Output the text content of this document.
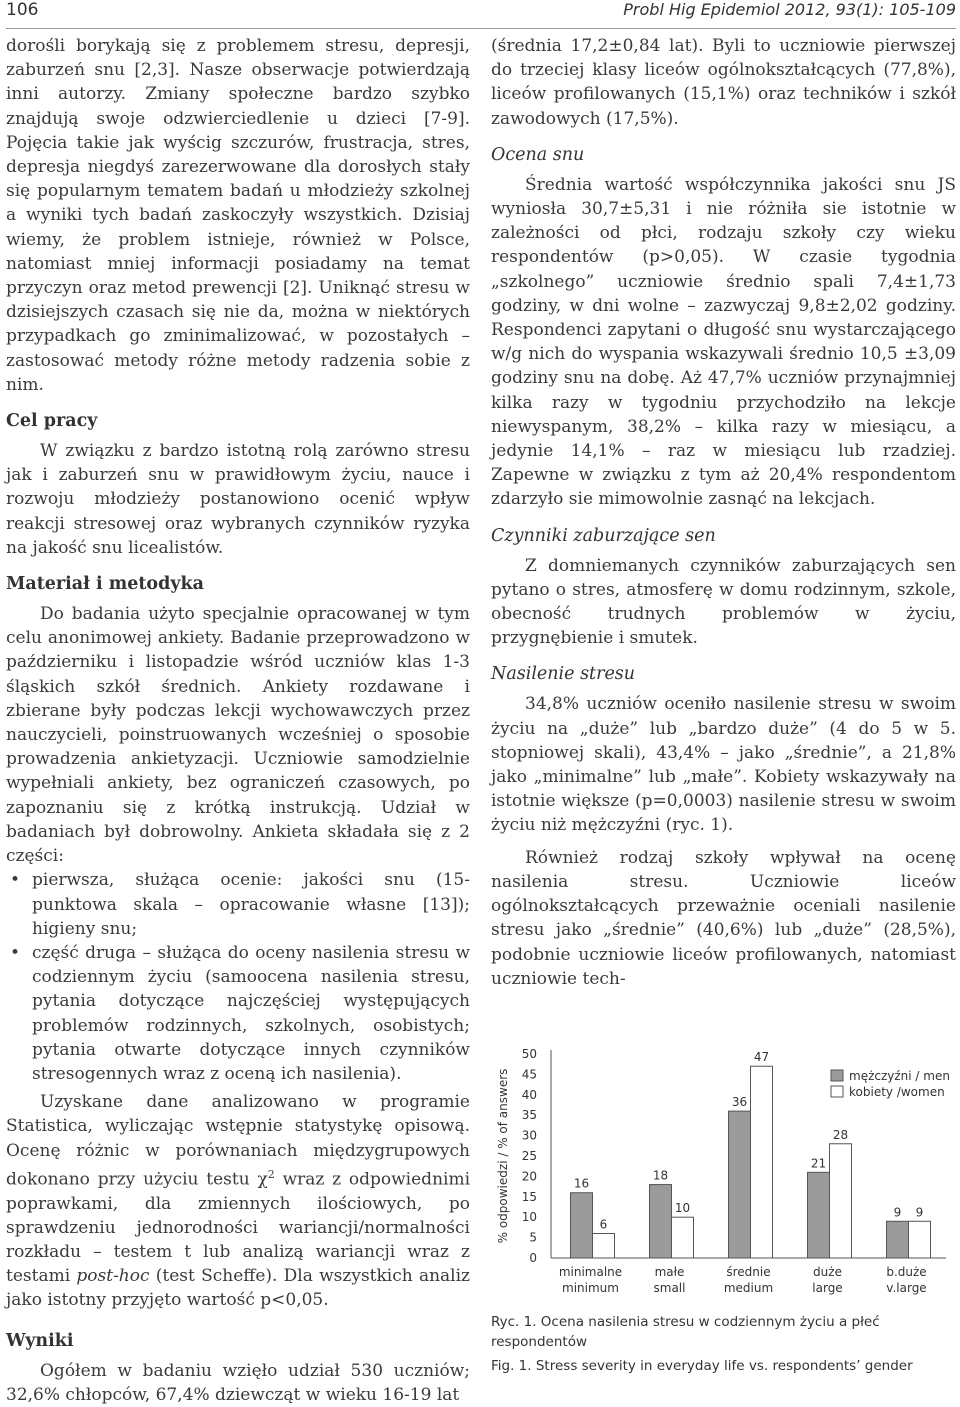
106	Probl Hig Epidemiol 2012, 93(1): 105-109

dorośli borykają się z problemem stresu, depresji, zaburzeń snu [2,3]. Nasze obserwacje potwierdzają inni autorzy. Zmiany społeczne bardzo szybko znajdują swoje odzwierciedlenie u dzieci [7-9]. Pojęcia takie jak wyścig szczurów, frustracja, stres, depresja niegdyś zarezerwowane dla dorosłych stały się popularnym tematem badań u młodzieży szkolnej a wyniki tych badań zaskoczyły wszystkich. Dzisiaj wiemy, że problem istnieje, również w Polsce, natomiast mniej informacji posiadamy na temat przyczyn oraz metod prewencji [2]. Uniknąć stresu w dzisiejszych czasach się nie da, można w niektórych przypadkach go zminimalizować, w pozostałych – zastosować metody różne metody radzenia sobie z nim.

Cel pracy

W związku z bardzo istotną rolą zarówno stresu jak i zaburzeń snu w prawidłowym życiu, nauce i rozwoju młodzieży postanowiono ocenić wpływ reakcji stresowej oraz wybranych czynników ryzyka na jakość snu licealistów.

Materiał i metodyka

Do badania użyto specjalnie opracowanej w tym celu anonimowej ankiety. Badanie przeprowadzono w październiku i listopadzie wśród uczniów klas 1-3 śląskich szkół średnich. Ankiety rozdawane i zbierane były podczas lekcji wychowawczych przez nauczycieli, poinstruowanych wcześniej o sposobie prowadzenia ankietyzacji. Uczniowie samodzielnie wypełniali ankiety, bez ograniczeń czasowych, po zapoznaniu się z krótką instrukcją. Udział w badaniach był dobrowolny. Ankieta składała się z 2 części:

• pierwsza, służąca ocenie: jakości snu (15-punktowa skala – opracowanie własne [13]); higieny snu;
• część druga – służąca do oceny nasilenia stresu w codziennym życiu (samoocena nasilenia stresu, pytania dotyczące najczęściej występujących problemów rodzinnych, szkolnych, osobistych; pytania otwarte dotyczące innych czynników stresogennych wraz z oceną ich nasilenia).

Uzyskane dane analizowano w programie Statistica, wyliczając wstępnie statystykę opisową. Ocenę różnic w porównaniach międzygrupowych dokonano przy użyciu testu $\chi^2$ wraz z odpowiednimi poprawkami, dla zmiennych ilościowych, po sprawdzeniu jednorodności wariancji/normalności rozkładu – testem t lub analizą wariancji wraz z testami post-hoc (test Scheffe). Dla wszystkich analiz jako istotny przyjęto wartość p<0,05.

Wyniki

Ogółem w badaniu wzięło udział 530 uczniów; 32,6% chłopców, 67,4% dziewcząt w wieku 16-19 lat

(średnia 17,2±0,84 lat). Byli to uczniowie pierwszej do trzeciej klasy liceów ogólnokształcących (77,8%), liceów profilowanych (15,1%) oraz techników i szkół zawodowych (17,5%).

Ocena snu

Średnia wartość współczynnika jakości snu JS wyniosła 30,7±5,31 i nie różniła sie istotnie w zależności od płci, rodzaju szkoły czy wieku respondentów (p>0,05). W czasie tygodnia „szkolnego” uczniowie średnio spali 7,4±1,73 godziny, w dni wolne – zazwyczaj 9,8±2,02 godziny. Respondenci zapytani o długość snu wystarczającego w/g nich do wyspania wskazywali średnio 10,5 ±3,09 godziny snu na dobę. Aż 47,7% uczniów przynajmniej kilka razy w tygodniu przychodziło na lekcje niewyspanym, 38,2% – kilka razy w miesiącu, a jedynie 14,1% – raz w miesiącu lub rzadziej. Zapewne w związku z tym aż 20,4% respondentom zdarzyło sie mimowolnie zasnąć na lekcjach.

Czynniki zaburzające sen

Z domniemanych czynników zaburzających sen pytano o stres, atmosferę w domu rodzinnym, szkole, obecność trudnych problemów w życiu, przygnębienie i smutek.

Nasilenie stresu

34,8% uczniów oceniło nasilenie stresu w swoim życiu na „duże” lub „bardzo duże” (4 do 5 w 5. stopniowej skali), 43,4% – jako „średnie”, a 21,8% jako „minimalne” lub „małe”. Kobiety wskazywały na istotnie większe (p=0,0003) nasilenie stresu w swoim życiu niż mężczyźni (ryc. 1).

Również rodzaj szkoły wpływał na ocenę nasilenia stresu. Uczniowie liceów ogólnokształcących przeważnie oceniali nasilenie stresu jako „średnie” (40,6%) lub „duże” (28,5%), podobnie uczniowie liceów profilowanych, natomiast uczniowie tech-

% odpowiedzi / % of answers
0
5
10
15
20
25
30
35
40
45
50
16
6
minimalne
minimum
18
10
małe
small
36
47
średnie
medium
21
28
duże
large
9 9
b.duże
v.large
mężczyźni / men
kobiety /women
Ryc. 1. Ocena nasilenia stresu w codziennym życiu a płeć respondentów
Fig. 1. Stress severity in everyday life vs. respondents’ gender
